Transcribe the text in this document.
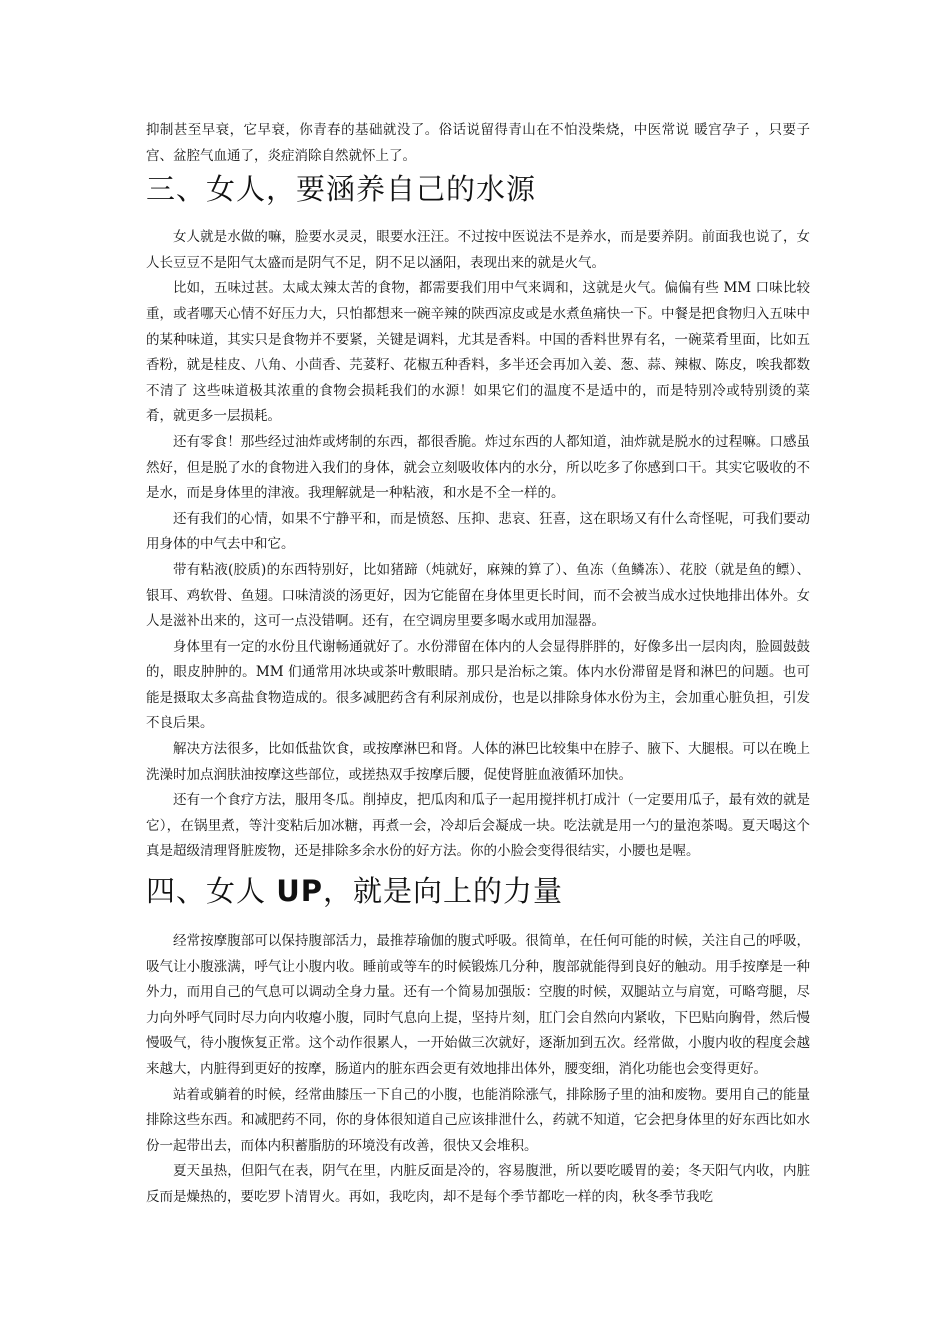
抑制甚至早衰，它早衰，你青春的基础就没了。俗话说留得青山在不怕没柴烧，中医常说 暖宫孕子 ，只要子宫、盆腔气血通了，炎症消除自然就怀上了。

三、女人，要涵养自己的水源

女人就是水做的嘛，脸要水灵灵，眼要水汪汪。不过按中医说法不是养水，而是要养阴。前面我也说了，女人长豆豆不是阳气太盛而是阴气不足，阴不足以涵阳，表现出来的就是火气。

比如，五味过甚。太咸太辣太苦的食物，都需要我们用中气来调和，这就是火气。偏偏有些 MM 口味比较重，或者哪天心情不好压力大，只怕都想来一碗辛辣的陕西凉皮或是水煮鱼痛快一下。中餐是把食物归入五味中的某种味道，其实只是食物并不要紧，关键是调料，尤其是香料。中国的香料世界有名，一碗菜肴里面，比如五香粉，就是桂皮、八角、小茴香、芫荽籽、花椒五种香料，多半还会再加入姜、葱、蒜、辣椒、陈皮，唉我都数不清了 这些味道极其浓重的食物会损耗我们的水源！如果它们的温度不是适中的，而是特别冷或特别烫的菜肴，就更多一层损耗。

还有零食！那些经过油炸或烤制的东西，都很香脆。炸过东西的人都知道，油炸就是脱水的过程嘛。口感虽然好，但是脱了水的食物进入我们的身体，就会立刻吸收体内的水分，所以吃多了你感到口干。其实它吸收的不是水，而是身体里的津液。我理解就是一种粘液，和水是不全一样的。

还有我们的心情，如果不宁静平和，而是愤怒、压抑、悲哀、狂喜，这在职场又有什么奇怪呢，可我们要动用身体的中气去中和它。

带有粘液(胶质)的东西特别好，比如猪蹄（炖就好，麻辣的算了）、鱼冻（鱼鳞冻）、花胶（就是鱼的鳔）、银耳、鸡软骨、鱼翅。口味清淡的汤更好，因为它能留在身体里更长时间，而不会被当成水过快地排出体外。女人是滋补出来的，这可一点没错啊。还有，在空调房里要多喝水或用加湿器。

身体里有一定的水份且代谢畅通就好了。水份滞留在体内的人会显得胖胖的，好像多出一层肉肉，脸圆鼓鼓的，眼皮肿肿的。MM 们通常用冰块或茶叶敷眼睛。那只是治标之策。体内水份滞留是肾和淋巴的问题。也可能是摄取太多高盐食物造成的。很多减肥药含有利尿剂成份，也是以排除身体水份为主，会加重心脏负担，引发不良后果。

解决方法很多，比如低盐饮食，或按摩淋巴和肾。人体的淋巴比较集中在脖子、腋下、大腿根。可以在晚上洗澡时加点润肤油按摩这些部位，或搓热双手按摩后腰，促使肾脏血液循环加快。

还有一个食疗方法，服用冬瓜。削掉皮，把瓜肉和瓜子一起用搅拌机打成汁（一定要用瓜子，最有效的就是它），在锅里煮，等汁变粘后加冰糖，再煮一会，冷却后会凝成一块。吃法就是用一勺的量泡茶喝。夏天喝这个真是超级清理肾脏废物，还是排除多余水份的好方法。你的小脸会变得很结实，小腰也是喔。

四、女人 UP，就是向上的力量

经常按摩腹部可以保持腹部活力，最推荐瑜伽的腹式呼吸。很简单，在任何可能的时候，关注自己的呼吸，吸气让小腹涨满，呼气让小腹内收。睡前或等车的时候锻炼几分种，腹部就能得到良好的触动。用手按摩是一种外力，而用自己的气息可以调动全身力量。还有一个简易加强版：空腹的时候，双腿站立与肩宽，可略弯腿，尽力向外呼气同时尽力向内收瘪小腹，同时气息向上提，坚持片刻，肛门会自然向内紧收，下巴贴向胸骨，然后慢慢吸气，待小腹恢复正常。这个动作很累人，一开始做三次就好，逐渐加到五次。经常做，小腹内收的程度会越来越大，内脏得到更好的按摩，肠道内的脏东西会更有效地排出体外，腰变细，消化功能也会变得更好。

站着或躺着的时候，经常曲膝压一下自己的小腹，也能消除涨气，排除肠子里的油和废物。要用自己的能量排除这些东西。和减肥药不同，你的身体很知道自己应该排泄什么，药就不知道，它会把身体里的好东西比如水份一起带出去，而体内积蓄脂肪的环境没有改善，很快又会堆积。

夏天虽热，但阳气在表，阴气在里，内脏反面是冷的，容易腹泄，所以要吃暖胃的姜；冬天阳气内收，内脏反而是燥热的，要吃罗卜清胃火。再如，我吃肉，却不是每个季节都吃一样的肉，秋冬季节我吃
